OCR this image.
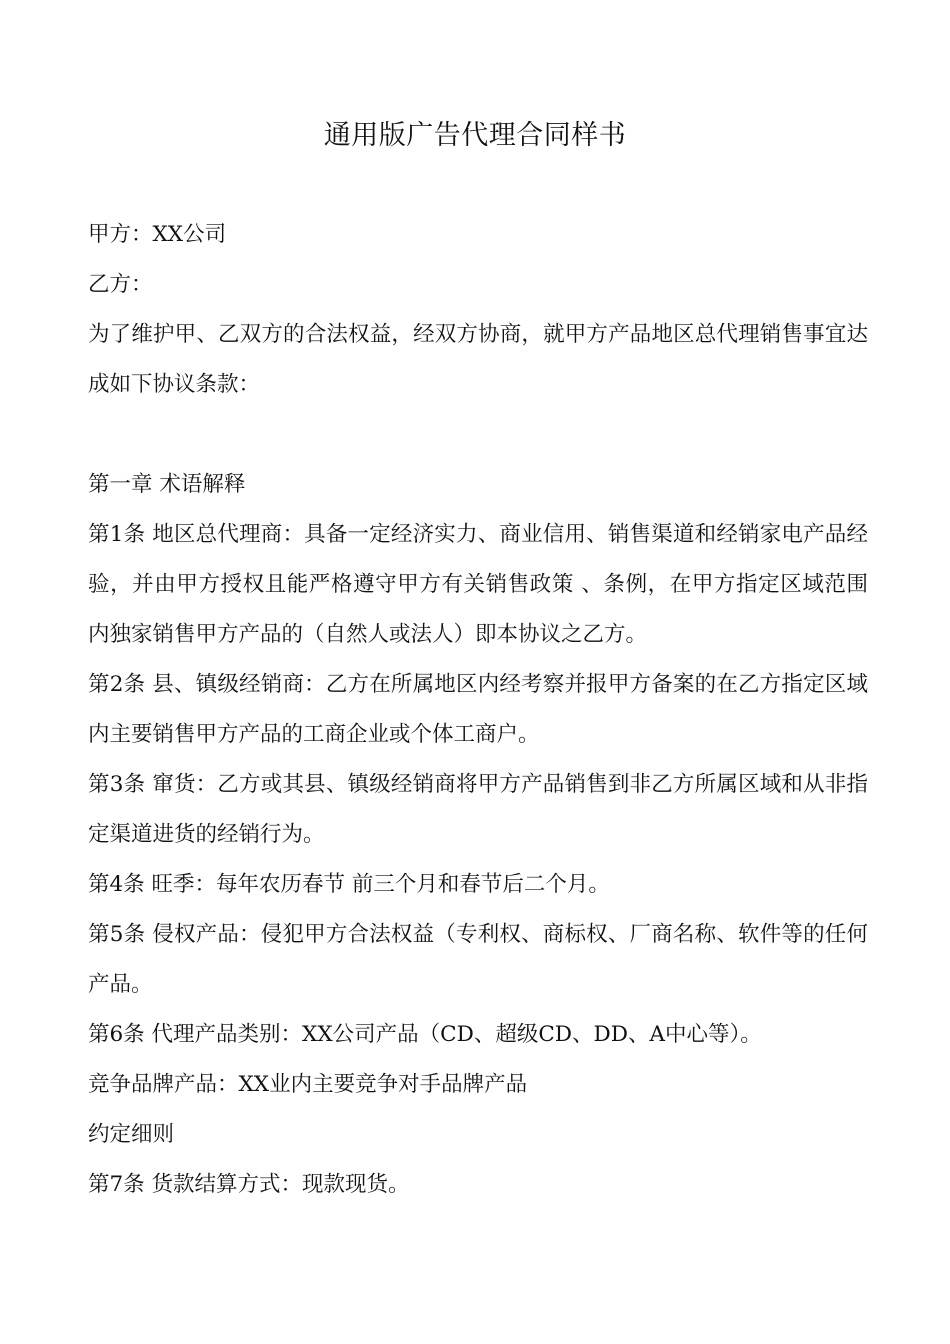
通用版广告代理合同样书

甲方：XX公司

乙方：

为了维护甲、乙双方的合法权益，经双方协商，就甲方产品地区总代理销售事宜达成如下协议条款：

第一章 术语解释

第1条 地区总代理商：具备一定经济实力、商业信用、销售渠道和经销家电产品经验，并由甲方授权且能严格遵守甲方有关销售政策 、条例，在甲方指定区域范围内独家销售甲方产品的（自然人或法人）即本协议之乙方。

第2条 县、镇级经销商：乙方在所属地区内经考察并报甲方备案的在乙方指定区域内主要销售甲方产品的工商企业或个体工商户。

第3条 窜货：乙方或其县、镇级经销商将甲方产品销售到非乙方所属区域和从非指定渠道进货的经销行为。

第4条 旺季：每年农历春节 前三个月和春节后二个月。

第5条 侵权产品：侵犯甲方合法权益（专利权、商标权、厂商名称、软件等的任何产品。

第6条 代理产品类别：XX公司产品（CD、超级CD、DD、A中心等）。

竞争品牌产品：XX业内主要竞争对手品牌产品

约定细则

第7条 货款结算方式：现款现货。
